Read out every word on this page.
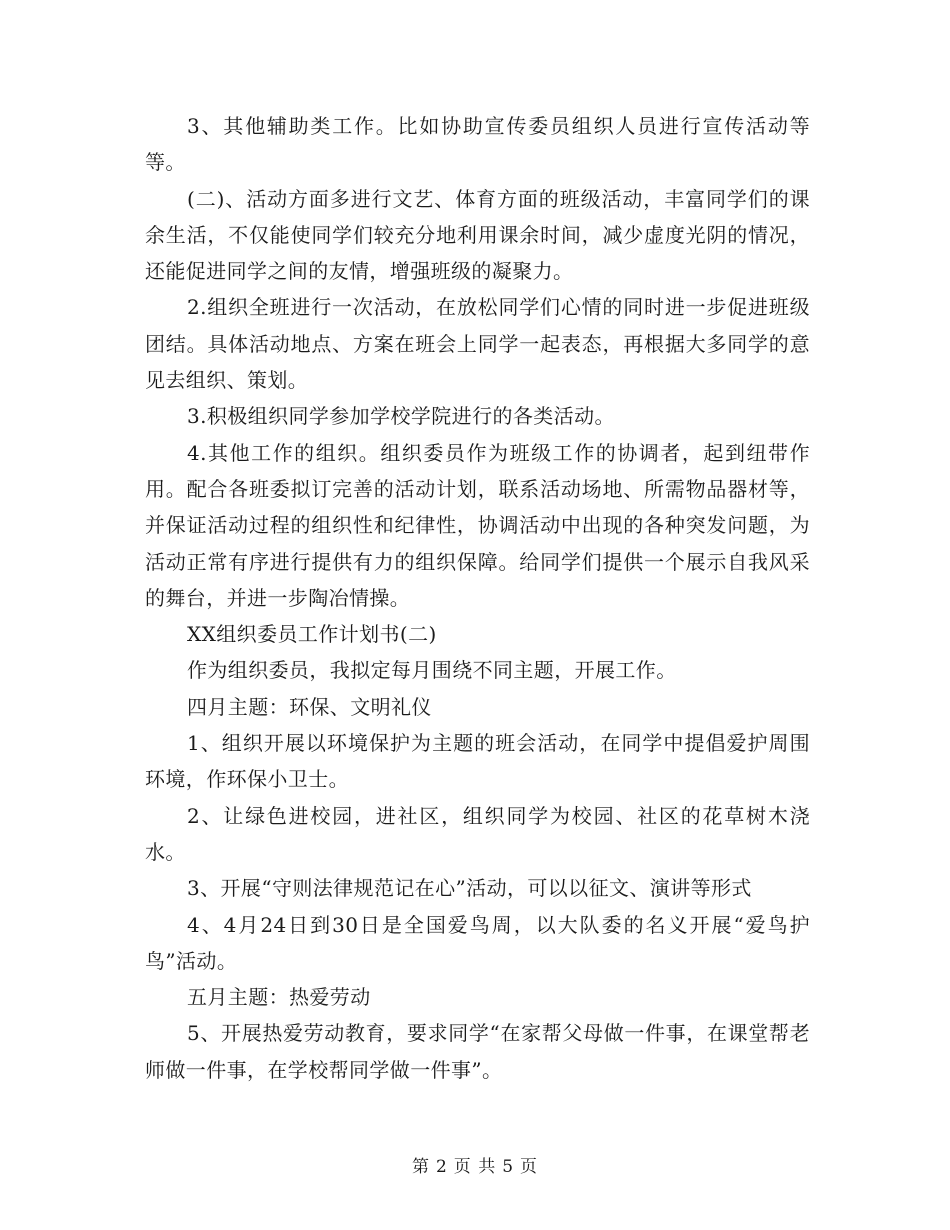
3、其他辅助类工作。比如协助宣传委员组织人员进行宣传活动等等。

(二)、活动方面多进行文艺、体育方面的班级活动，丰富同学们的课余生活，不仅能使同学们较充分地利用课余时间，减少虚度光阴的情况，还能促进同学之间的友情，增强班级的凝聚力。

2.组织全班进行一次活动，在放松同学们心情的同时进一步促进班级团结。具体活动地点、方案在班会上同学一起表态，再根据大多同学的意见去组织、策划。

3.积极组织同学参加学校学院进行的各类活动。

4.其他工作的组织。组织委员作为班级工作的协调者，起到纽带作用。配合各班委拟订完善的活动计划，联系活动场地、所需物品器材等，并保证活动过程的组织性和纪律性，协调活动中出现的各种突发问题，为活动正常有序进行提供有力的组织保障。给同学们提供一个展示自我风采的舞台，并进一步陶冶情操。

XX组织委员工作计划书(二)

作为组织委员，我拟定每月围绕不同主题，开展工作。

四月主题：环保、文明礼仪

1、组织开展以环境保护为主题的班会活动，在同学中提倡爱护周围环境，作环保小卫士。

2、让绿色进校园，进社区，组织同学为校园、社区的花草树木浇水。

3、开展“守则法律规范记在心”活动，可以以征文、演讲等形式

4、4月24日到30日是全国爱鸟周，以大队委的名义开展“爱鸟护鸟”活动。

五月主题：热爱劳动

5、开展热爱劳动教育，要求同学“在家帮父母做一件事，在课堂帮老师做一件事，在学校帮同学做一件事”。

第 2 页 共 5 页
